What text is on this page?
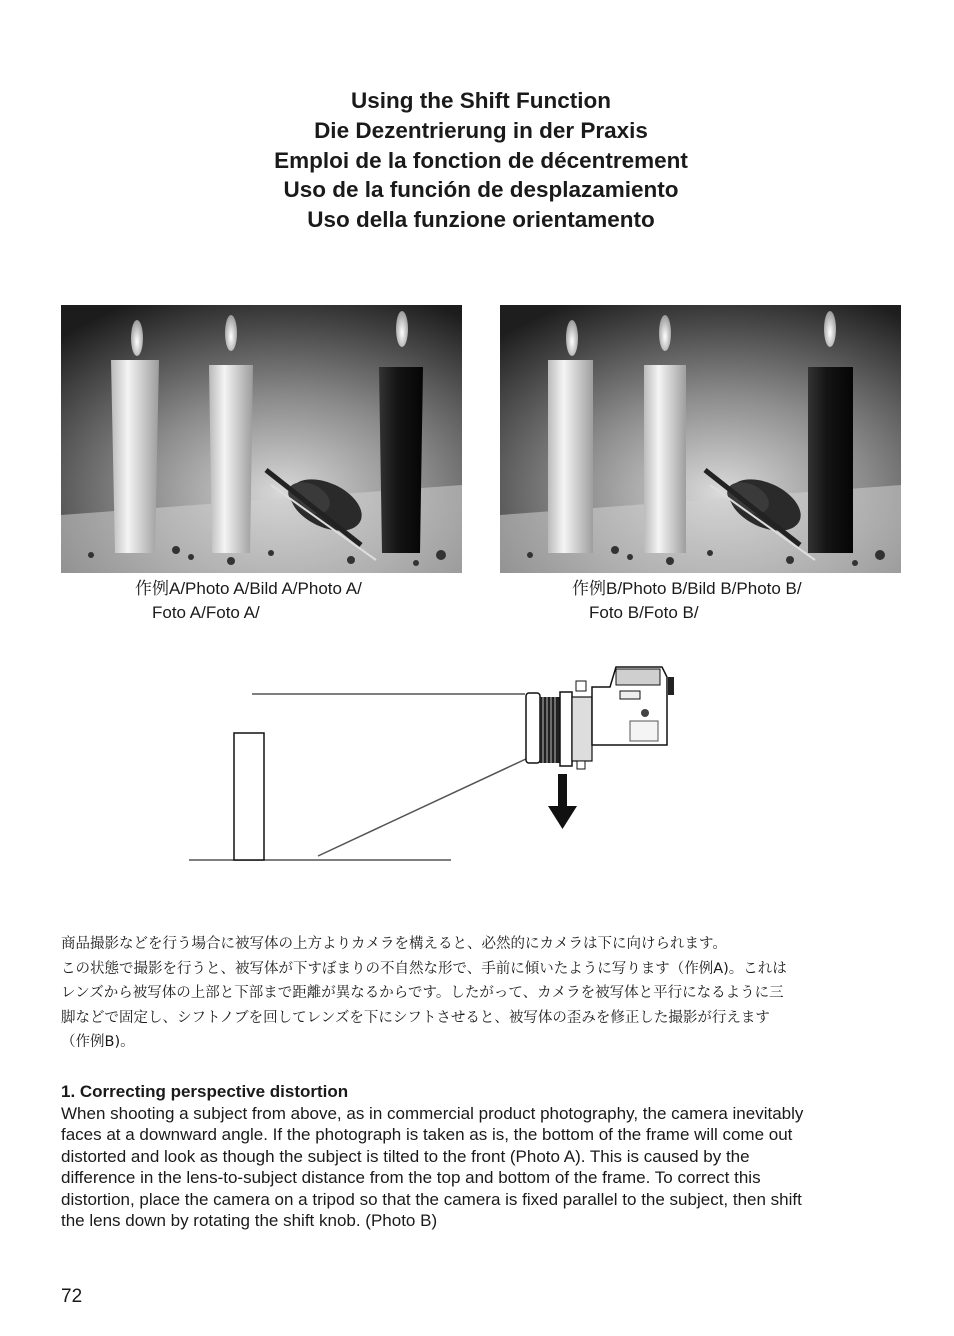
Using the Shift Function
Die Dezentrierung in der Praxis
Emploi de la fonction de décentrement
Uso de la función de desplazamiento
Uso della funzione orientamento
作例A/Photo A/Bild A/Photo A/
Foto A/Foto A/
作例B/Photo B/Bild B/Photo B/
Foto B/Foto B/
商品撮影などを行う場合に被写体の上方よりカメラを構えると、必然的にカメラは下に向けられます。
この状態で撮影を行うと、被写体が下すぼまりの不自然な形で、手前に傾いたように写ります（作例A)。これは
レンズから被写体の上部と下部まで距離が異なるからです。したがって、カメラを被写体と平行になるように三
脚などで固定し、シフトノブを回してレンズを下にシフトさせると、被写体の歪みを修正した撮影が行えます
（作例B)。
1. Correcting perspective distortion
When shooting a subject from above, as in commercial product photography, the camera inevitably
faces at a downward angle. If the photograph is taken as is, the bottom of the frame will come out
distorted and look as though the subject is tilted to the front (Photo A). This is caused by the
difference in the lens-to-subject distance from the top and bottom of the frame. To correct this
distortion, place the camera on a tripod so that the camera is fixed parallel to the subject, then shift
the lens down by rotating the shift knob. (Photo B)
72
